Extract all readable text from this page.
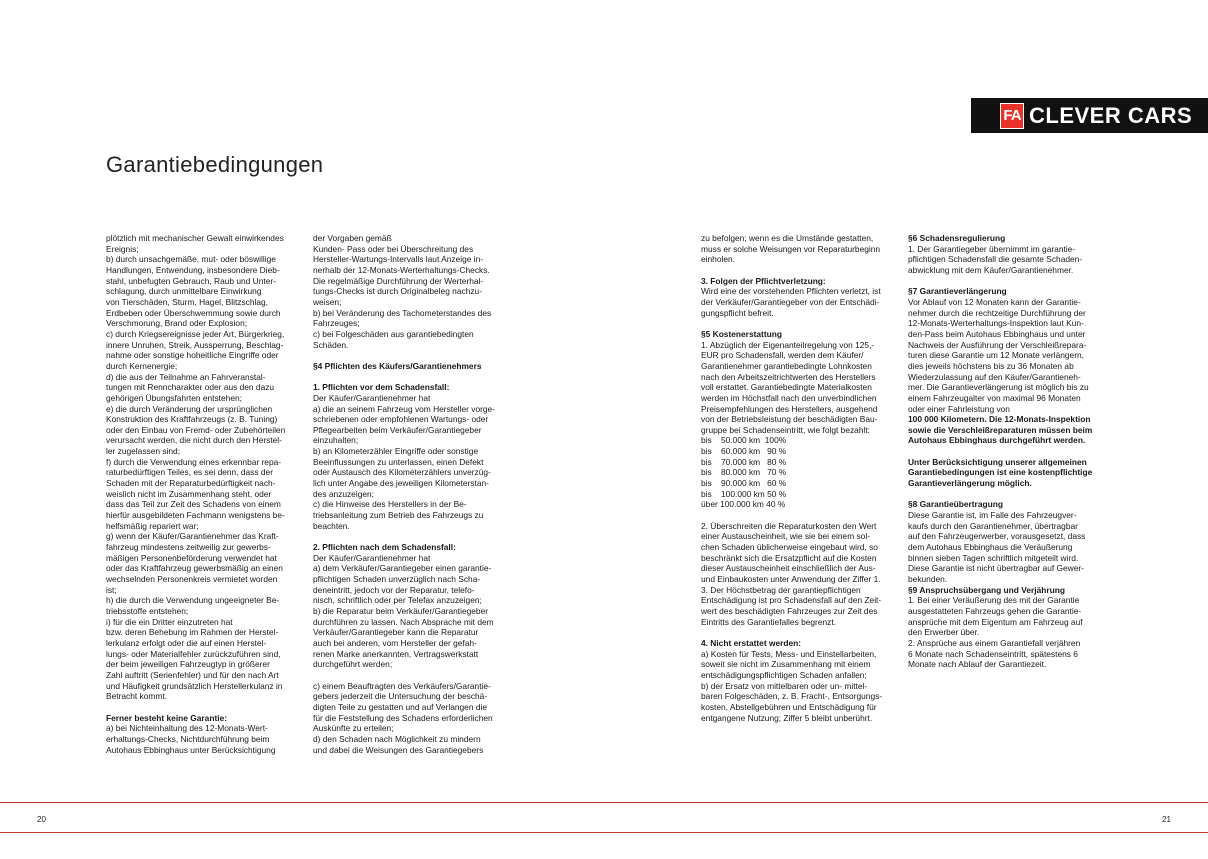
FA CLEVER CARS
Garantiebedingungen

plötzlich mit mechanischer Gewalt einwirkendes
Ereignis;
b) durch unsachgemäße, mut- oder böswillige
Handlungen, Entwendung, insbesondere Dieb-
stahl, unbefugten Gebrauch, Raub und Unter-
schlagung, durch unmittelbare Einwirkung
von Tierschäden, Sturm, Hagel, Blitzschlag,
Erdbeben oder Überschwemmung sowie durch
Verschmorung, Brand oder Explosion;
c) durch Kriegsereignisse jeder Art, Bürgerkrieg,
innere Unruhen, Streik, Aussperrung, Beschlag-
nahme oder sonstige hoheitliche Eingriffe oder
durch Kernenergie;
d) die aus der Teilnahme an Fahrveranstal-
tungen mit Renncharakter oder aus den dazu
gehörigen Übungsfahrten entstehen;
e) die durch Veränderung der ursprünglichen
Konstruktion des Kraftfahrzeugs (z. B. Tuning)
oder den Einbau von Fremd- oder Zubehörteilen
verursacht werden, die nicht durch den Herstel-
ler zugelassen sind;
f) durch die Verwendung eines erkennbar repa-
raturbedürftigen Teiles, es sei denn, dass der
Schaden mit der Reparaturbedürftigkeit nach-
weislich nicht im Zusammenhang steht, oder
dass das Teil zur Zeit des Schadens von einem
hierfür ausgebildeten Fachmann wenigstens be-
helfsmäßig repariert war;
g) wenn der Käufer/Garantienehmer das Kraft-
fahrzeug mindestens zeitweilig zur gewerbs-
mäßigen Personenbeförderung verwendet hat
oder das Kraftfahrzeug gewerbsmäßig an einen
wechselnden Personenkreis vermietet worden
ist;
h) die durch die Verwendung ungeeigneter Be-
triebsstoffe entstehen;
i) für die ein Dritter einzutreten hat
bzw. deren Behebung im Rahmen der Herstel-
lerkulanz erfolgt oder die auf einen Herstel-
lungs- oder Materialfehler zurückzuführen sind,
der beim jeweiligen Fahrzeugtyp in größerer
Zahl auftritt (Serienfehler) und für den nach Art
und Häufigkeit grundsätzlich Herstellerkulanz in
Betracht kommt.

Ferner besteht keine Garantie:

a) bei Nichteinhaltung des 12-Monats-Wert-
erhaltungs-Checks, Nichtdurchführung beim
Autohaus Ebbinghaus unter Berücksichtigung

der Vorgaben gemäß
Kunden- Pass oder bei Überschreitung des
Hersteller-Wartungs-Intervalls laut Anzeige in-
nerhalb der 12-Monats-Werterhaltungs-Checks.
Die regelmäßige Durchführung der Werterhal-
tungs-Checks ist durch Originalbeleg nachzu-
weisen;
b) bei Veränderung des Tachometerstandes des
Fahrzeuges;
c) bei Folgeschäden aus garantiebedingten
Schäden.

§4 Pflichten des Käufers/Garantienehmers

1. Pflichten vor dem Schadensfall:

Der Käufer/Garantienehmer hat
a) die an seinem Fahrzeug vom Hersteller vorge-
schriebenen oder empfohlenen Wartungs- oder
Pflegearbeiten beim Verkäufer/Garantiegeber
einzuhalten;
b) an Kilometerzähler Eingriffe oder sonstige
Beeinflussungen zu unterlassen, einen Defekt
oder Austausch des Kilometerzählers unverzüg-
lich unter Angabe des jeweiligen Kilometerstan-
des anzuzeigen;
c) die Hinweise des Herstellers in der Be-
triebsanleitung zum Betrieb des Fahrzeugs zu
beachten.

2. Pflichten nach dem Schadensfall:

Der Käufer/Garantienehmer hat
a) dem Verkäufer/Garantiegeber einen garantie-
pflichtigen Schaden unverzüglich nach Scha-
deneintritt, jedoch vor der Reparatur, telefo-
nisch, schriftlich oder per Telefax anzuzeigen;
b) die Reparatur beim Verkäufer/Garantiegeber
durchführen zu lassen. Nach Absprache mit dem
Verkäufer/Garantiegeber kann die Reparatur
auch bei anderen, vom Hersteller der gefah-
renen Marke anerkannten, Vertragswerkstatt
durchgeführt werden;

c) einem Beauftragten des Verkäufers/Garantie-
gebers jederzeit die Untersuchung der beschä-
digten Teile zu gestatten und auf Verlangen die
für die Feststellung des Schadens erforderlichen
Auskünfte zu erteilen;
d) den Schaden nach Möglichkeit zu mindern
und dabei die Weisungen des Garantiegebers

zu befolgen; wenn es die Umstände gestatten,
muss er solche Weisungen vor Reparaturbeginn
einholen.

3. Folgen der Pflichtverletzung:

Wird eine der vorstehenden Pflichten verletzt, ist
der Verkäufer/Garantiegeber von der Entschädi-
gungspflicht befreit.

§5 Kostenerstattung

1. Abzüglich der Eigenanteilregelung von 125,-
EUR pro Schadensfall, werden dem Käufer/
Garantienehmer garantiebedingte Lohnkosten
nach den Arbeitszeitrichtwerten des Herstellers
voll erstattet. Garantiebedingte Materialkosten
werden im Höchstfall nach den unverbindlichen
Preisempfehlungen des Herstellers, ausgehend
von der Betriebsleistung der beschädigten Bau-
gruppe bei Schadenseintritt, wie folgt bezahlt:
bis    50.000 km  100%
bis    60.000 km   90 %
bis    70.000 km   80 %
bis    80.000 km   70 %
bis    90.000 km   60 %
bis    100.000 km 50 %
über 100.000 km 40 %

2. Überschreiten die Reparaturkosten den Wert
einer Austauscheinheit, wie sie bei einem sol-
chen Schaden üblicherweise eingebaut wird, so
beschränkt sich die Ersatzpflicht auf die Kosten
dieser Austauscheinheit einschließlich der Aus-
und Einbaukosten unter Anwendung der Ziffer 1.
3. Der Höchstbetrag der garantiepflichtigen
Entschädigung ist pro Schadensfall auf den Zeit-
wert des beschädigten Fahrzeuges zur Zeit des
Eintritts des Garantiefalles begrenzt.

4. Nicht erstattet werden:

a) Kosten für Tests, Mess- und Einstellarbeiten,
soweit sie nicht im Zusammenhang mit einem
entschädigungspflichtigen Schaden anfallen;
b) der Ersatz von mittelbaren oder un- mittel-
baren Folgeschäden, z. B. Fracht-, Entsorgungs-
kosten, Abstellgebühren und Entschädigung für
entgangene Nutzung; Ziffer 5 bleibt unberührt.

§6 Schadensregulierung

1. Der Garantiegeber übernimmt im garantie-
pflichtigen Schadensfall die gesamte Schaden-
abwicklung mit dem Käufer/Garantienehmer.

§7 Garantieverlängerung

Vor Ablauf von 12 Monaten kann der Garantie-
nehmer durch die rechtzeitige Durchführung der
12-Monats-Werterhaltungs-Inspektion laut Kun-
den-Pass beim Autohaus Ebbinghaus und unter
Nachweis der Ausführung der Verschleißrepara-
turen diese Garantie um 12 Monate verlängern,
dies jeweils höchstens bis zu 36 Monaten ab
Wiederzulassung auf den Käufer/Garantieneh-
mer. Die Garantieverlängerung ist möglich bis zu
einem Fahrzeugalter von maximal 96 Monaten
oder einer Fahrleistung von

100 000 Kilometern. Die 12-Monats-Inspektion
sowie die Verschleißreparaturen müssen beim
Autohaus Ebbinghaus durchgeführt werden.

Unter Berücksichtigung unserer allgemeinen
Garantiebedingungen ist eine kostenpflichtige
Garantieverlängerung möglich.

§8 Garantieübertragung

Diese Garantie ist, im Falle des Fahrzeugver-
kaufs durch den Garantienehmer, übertragbar
auf den Fahrzeugerwerber, vorausgesetzt, dass
dem Autohaus Ebbinghaus die Veräußerung
binnen sieben Tagen schriftlich mitgeteilt wird.
Diese Garantie ist nicht übertragbar auf Gewer-
bekunden.

§9 Anspruchsübergang und Verjährung

1. Bei einer Veräußerung des mit der Garantie
ausgestatteten Fahrzeugs gehen die Garantie-
ansprüche mit dem Eigentum am Fahrzeug auf
den Erwerber über.
2. Ansprüche aus einem Garantiefall verjähren
6 Monate nach Schadenseintritt, spätestens 6
Monate nach Ablauf der Garantiezeit.

20	21
